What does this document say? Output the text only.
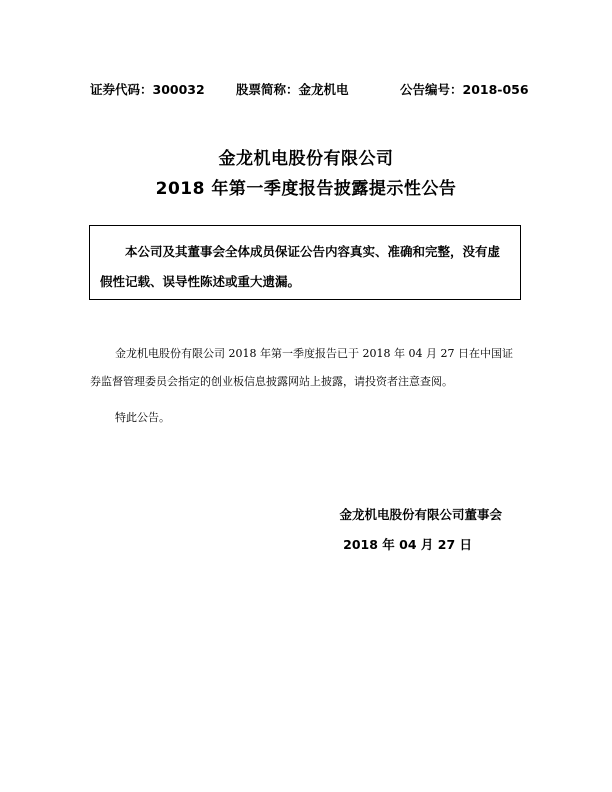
证券代码：300032	股票简称：金龙机电	公告编号：2018-056
金龙机电股份有限公司
2018 年第一季度报告披露提示性公告
本公司及其董事会全体成员保证公告内容真实、准确和完整，没有虚假性记载、误导性陈述或重大遗漏。
金龙机电股份有限公司 2018 年第一季度报告已于 2018 年 04 月 27 日在中国证券监督管理委员会指定的创业板信息披露网站上披露，请投资者注意查阅。
特此公告。
金龙机电股份有限公司董事会
2018 年 04 月 27 日
